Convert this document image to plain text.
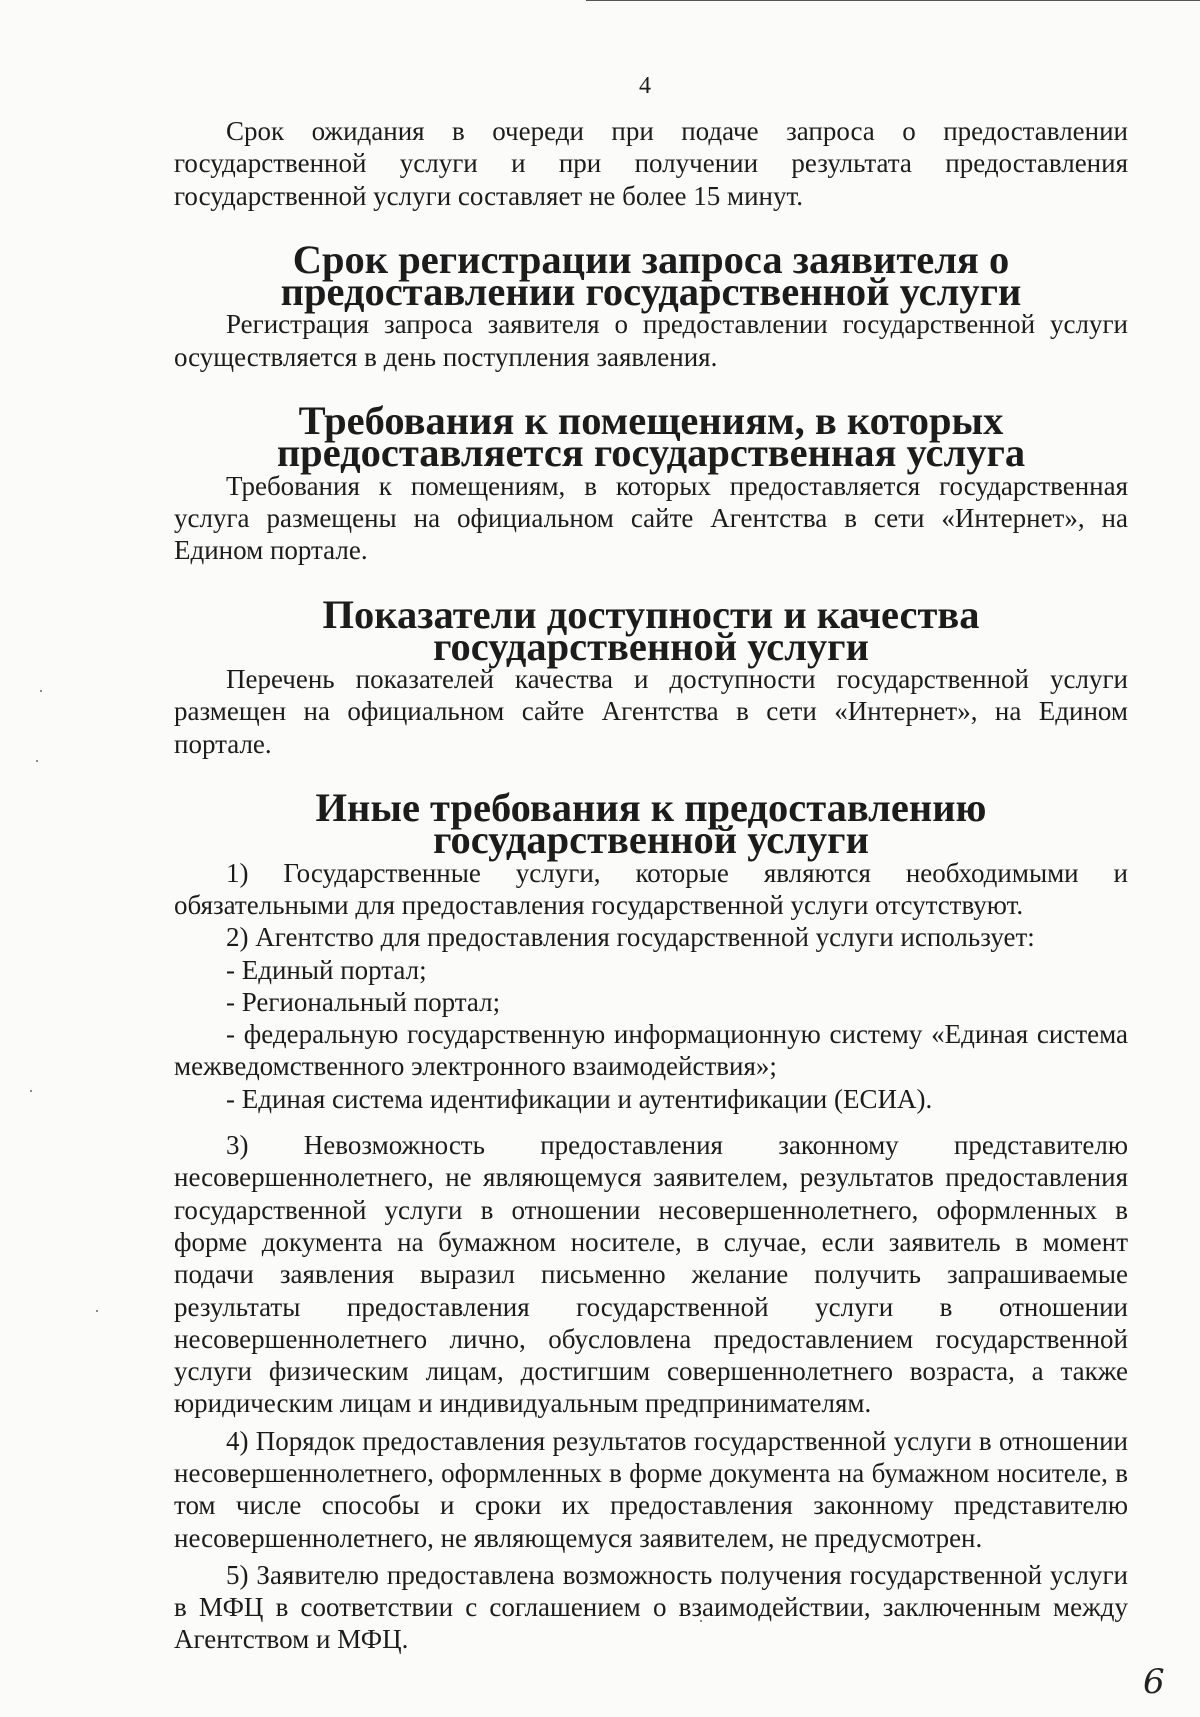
4

Срок ожидания в очереди при подаче запроса о предоставлении государственной услуги и при получении результата предоставления государственной услуги составляет не более 15 минут.

Срок регистрации запроса заявителя о предоставлении государственной услуги

Регистрация запроса заявителя о предоставлении государственной услуги осуществляется в день поступления заявления.

Требования к помещениям, в которых предоставляется государственная услуга

Требования к помещениям, в которых предоставляется государственная услуга размещены на официальном сайте Агентства в сети «Интернет», на Едином портале.

Показатели доступности и качества государственной услуги

Перечень показателей качества и доступности государственной услуги размещен на официальном сайте Агентства в сети «Интернет», на Едином портале.

Иные требования к предоставлению государственной услуги

1) Государственные услуги, которые являются необходимыми и обязательными для предоставления государственной услуги отсутствуют.

2) Агентство для предоставления государственной услуги использует:

- Единый портал;

- Региональный портал;

- федеральную государственную информационную систему «Единая система межведомственного электронного взаимодействия»;

- Единая система идентификации и аутентификации (ЕСИА).

3) Невозможность предоставления законному представителю несовершеннолетнего, не являющемуся заявителем, результатов предоставления государственной услуги в отношении несовершеннолетнего, оформленных в форме документа на бумажном носителе, в случае, если заявитель в момент подачи заявления выразил письменно желание получить запрашиваемые результаты предоставления государственной услуги в отношении несовершеннолетнего лично, обусловлена предоставлением государственной услуги физическим лицам, достигшим совершеннолетнего возраста, а также юридическим лицам и индивидуальным предпринимателям.

4) Порядок предоставления результатов государственной услуги в отношении несовершеннолетнего, оформленных в форме документа на бумажном носителе, в том числе способы и сроки их предоставления законному представителю несовершеннолетнего, не являющемуся заявителем, не предусмотрен.

5) Заявителю предоставлена возможность получения государственной услуги в МФЦ в соответствии с соглашением о взаимодействии, заключенным между Агентством и МФЦ.

6
